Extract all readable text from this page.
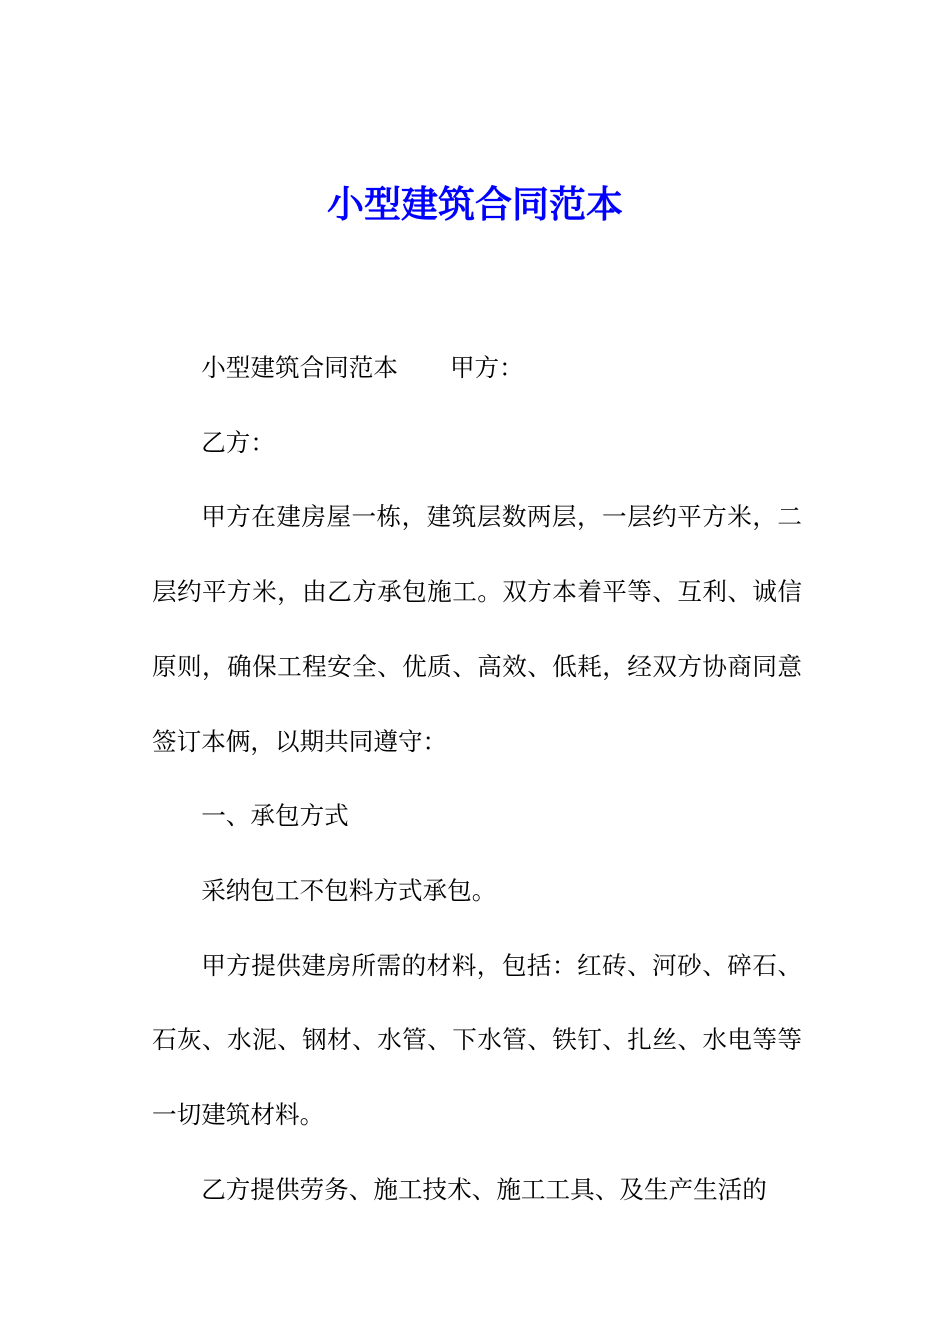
小型建筑合同范本

小型建筑合同范本 甲方：

乙方：

甲方在建房屋一栋，建筑层数两层，一层约平方米，二层约平方米，由乙方承包施工。双方本着平等、互利、诚信原则，确保工程安全、优质、高效、低耗，经双方协商同意签订本俩，以期共同遵守：

一、承包方式

采纳包工不包料方式承包。

甲方提供建房所需的材料，包括：红砖、河砂、碎石、石灰、水泥、钢材、水管、下水管、铁钉、扎丝、水电等等一切建筑材料。

乙方提供劳务、施工技术、施工工具、及生产生活的
